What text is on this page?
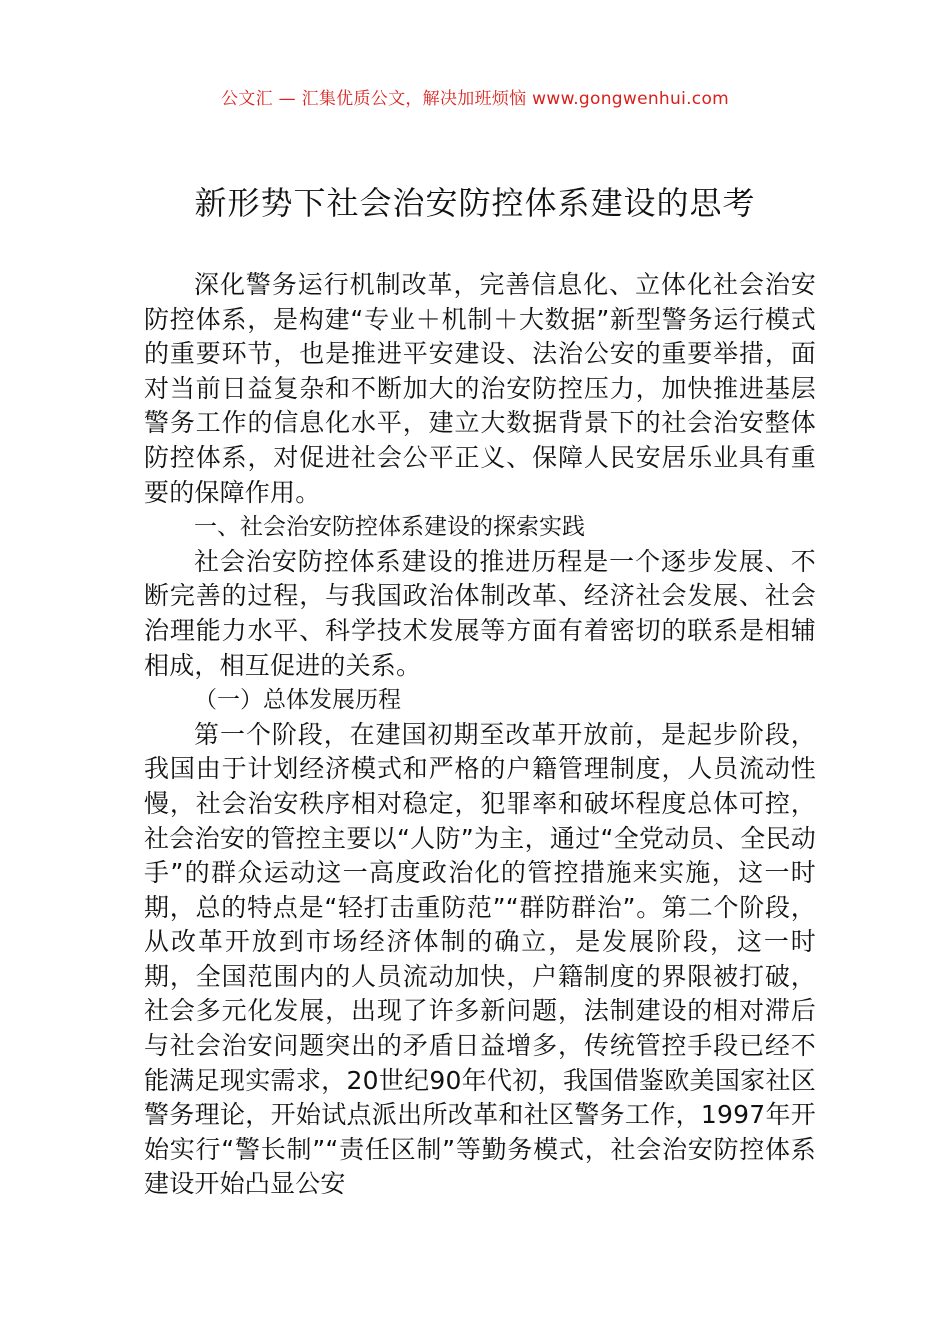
公文汇 — 汇集优质公文，解决加班烦恼 www.gongwenhui.com
新形势下社会治安防控体系建设的思考

深化警务运行机制改革，完善信息化、立体化社会治安防控体系，是构建“专业＋机制＋大数据”新型警务运行模式的重要环节，也是推进平安建设、法治公安的重要举措，面对当前日益复杂和不断加大的治安防控压力，加快推进基层警务工作的信息化水平，建立大数据背景下的社会治安整体防控体系，对促进社会公平正义、保障人民安居乐业具有重要的保障作用。

一、社会治安防控体系建设的探索实践

社会治安防控体系建设的推进历程是一个逐步发展、不断完善的过程，与我国政治体制改革、经济社会发展、社会治理能力水平、科学技术发展等方面有着密切的联系是相辅相成，相互促进的关系。

（一）总体发展历程

第一个阶段，在建国初期至改革开放前，是起步阶段，我国由于计划经济模式和严格的户籍管理制度，人员流动性慢，社会治安秩序相对稳定，犯罪率和破坏程度总体可控，社会治安的管控主要以“人防”为主，通过“全党动员、全民动手”的群众运动这一高度政治化的管控措施来实施，这一时期，总的特点是“轻打击重防范”“群防群治”。第二个阶段，从改革开放到市场经济体制的确立，是发展阶段，这一时期，全国范围内的人员流动加快，户籍制度的界限被打破，社会多元化发展，出现了许多新问题，法制建设的相对滞后与社会治安问题突出的矛盾日益增多，传统管控手段已经不能满足现实需求，20世纪90年代初，我国借鉴欧美国家社区警务理论，开始试点派出所改革和社区警务工作，1997年开始实行“警长制”“责任区制”等勤务模式，社会治安防控体系建设开始凸显公安
